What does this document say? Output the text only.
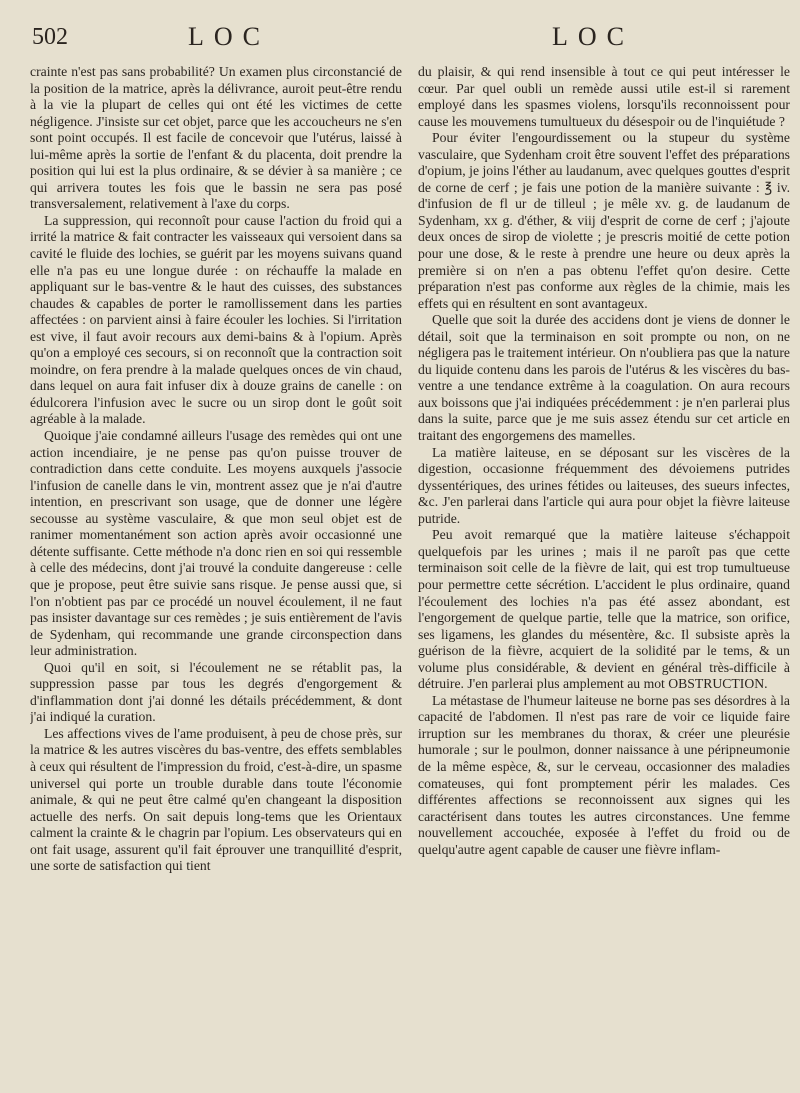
502	LOC	LOC

crainte n'est pas sans probabilité? Un examen plus circonstancié de la position de la matrice, après la délivrance, auroit peut-être rendu à la vie la plupart de celles qui ont été les victimes de cette négligence. J'insiste sur cet objet, parce que les accoucheurs ne s'en sont point occupés. Il est facile de concevoir que l'utérus, laissé à lui-même après la sortie de l'enfant & du placenta, doit prendre la position qui lui est la plus ordinaire, & se dévier à sa manière ; ce qui arrivera toutes les fois que le bassin ne sera pas posé transversalement, relativement à l'axe du corps.

La suppression, qui reconnoît pour cause l'action du froid qui a irrité la matrice & fait contracter les vaisseaux qui versoient dans sa cavité le fluide des lochies, se guérit par les moyens suivans quand elle n'a pas eu une longue durée : on réchauffe la malade en appliquant sur le bas-ventre & le haut des cuisses, des substances chaudes & capables de porter le ramollissement dans les parties affectées : on parvient ainsi à faire écouler les lochies. Si l'irritation est vive, il faut avoir recours aux demi-bains & à l'opium. Après qu'on a employé ces secours, si on reconnoît que la contraction soit moindre, on fera prendre à la malade quelques onces de vin chaud, dans lequel on aura fait infuser dix à douze grains de canelle : on édulcorera l'infusion avec le sucre ou un sirop dont le goût soit agréable à la malade.

Quoique j'aie condamné ailleurs l'usage des remèdes qui ont une action incendiaire, je ne pense pas qu'on puisse trouver de contradiction dans cette conduite. Les moyens auxquels j'associe l'infusion de canelle dans le vin, montrent assez que je n'ai d'autre intention, en prescrivant son usage, que de donner une légère secousse au système vasculaire, & que mon seul objet est de ranimer momentanément son action après avoir occasionné une détente suffisante. Cette méthode n'a donc rien en soi qui ressemble à celle des médecins, dont j'ai trouvé la conduite dangereuse : celle que je propose, peut être suivie sans risque. Je pense aussi que, si l'on n'obtient pas par ce procédé un nouvel écoulement, il ne faut pas insister davantage sur ces remèdes ; je suis entièrement de l'avis de Sydenham, qui recommande une grande circonspection dans leur administration.

Quoi qu'il en soit, si l'écoulement ne se rétablit pas, la suppression passe par tous les degrés d'engorgement & d'inflammation dont j'ai donné les détails précédemment, & dont j'ai indiqué la curation.

Les affections vives de l'ame produisent, à peu de chose près, sur la matrice & les autres viscères du bas-ventre, des effets semblables à ceux qui résultent de l'impression du froid, c'est-à-dire, un spasme universel qui porte un trouble durable dans toute l'économie animale, & qui ne peut être calmé qu'en changeant la disposition actuelle des nerfs. On sait depuis long-tems que les Orientaux calment la crainte & le chagrin par l'opium. Les observateurs qui en ont fait usage, assurent qu'il fait éprouver une tranquillité d'esprit, une sorte de satisfaction qui tient

du plaisir, & qui rend insensible à tout ce qui peut intéresser le cœur. Par quel oubli un remède aussi utile est-il si rarement employé dans les spasmes violens, lorsqu'ils reconnoissent pour cause les mouvemens tumultueux du désespoir ou de l'inquiétude ?

Pour éviter l'engourdissement ou la stupeur du système vasculaire, que Sydenham croit être souvent l'effet des préparations d'opium, je joins l'éther au laudanum, avec quelques gouttes d'esprit de corne de cerf ; je fais une potion de la manière suivante : ℥ iv. d'infusion de fl ur de tilleul ; je mêle xv. g. de laudanum de Sydenham, xx g. d'éther, & viij d'esprit de corne de cerf ; j'ajoute deux onces de sirop de violette ; je prescris moitié de cette potion pour une dose, & le reste à prendre une heure ou deux après la première si on n'en a pas obtenu l'effet qu'on desire. Cette préparation n'est pas conforme aux règles de la chimie, mais les effets qui en résultent en sont avantageux.

Quelle que soit la durée des accidens dont je viens de donner le détail, soit que la terminaison en soit prompte ou non, on ne négligera pas le traitement intérieur. On n'oubliera pas que la nature du liquide contenu dans les parois de l'utérus & les viscères du bas-ventre a une tendance extrême à la coagulation. On aura recours aux boissons que j'ai indiquées précédemment : je n'en parlerai plus dans la suite, parce que je me suis assez étendu sur cet article en traitant des engorgemens des mamelles.

La matière laiteuse, en se déposant sur les viscères de la digestion, occasionne fréquemment des dévoiemens putrides dyssentériques, des urines fétides ou laiteuses, des sueurs infectes, &c. J'en parlerai dans l'article qui aura pour objet la fièvre laiteuse putride.

Peu avoit remarqué que la matière laiteuse s'échappoit quelquefois par les urines ; mais il ne paroît pas que cette terminaison soit celle de la fièvre de lait, qui est trop tumultueuse pour permettre cette sécrétion. L'accident le plus ordinaire, quand l'écoulement des lochies n'a pas été assez abondant, est l'engorgement de quelque partie, telle que la matrice, son orifice, ses ligamens, les glandes du mésentère, &c. Il subsiste après la guérison de la fièvre, acquiert de la solidité par le tems, & un volume plus considérable, & devient en général très-difficile à détruire. J'en parlerai plus amplement au mot OBSTRUCTION.

La métastase de l'humeur laiteuse ne borne pas ses désordres à la capacité de l'abdomen. Il n'est pas rare de voir ce liquide faire irruption sur les membranes du thorax, & créer une pleurésie humorale ; sur le poulmon, donner naissance à une péripneumonie de la même espèce, &, sur le cerveau, occasionner des maladies comateuses, qui font promptement périr les malades. Ces différentes affections se reconnoissent aux signes qui les caractérisent dans toutes les autres circonstances. Une femme nouvellement accouchée, exposée à l'effet du froid ou de quelqu'autre agent capable de causer une fièvre inflam-
